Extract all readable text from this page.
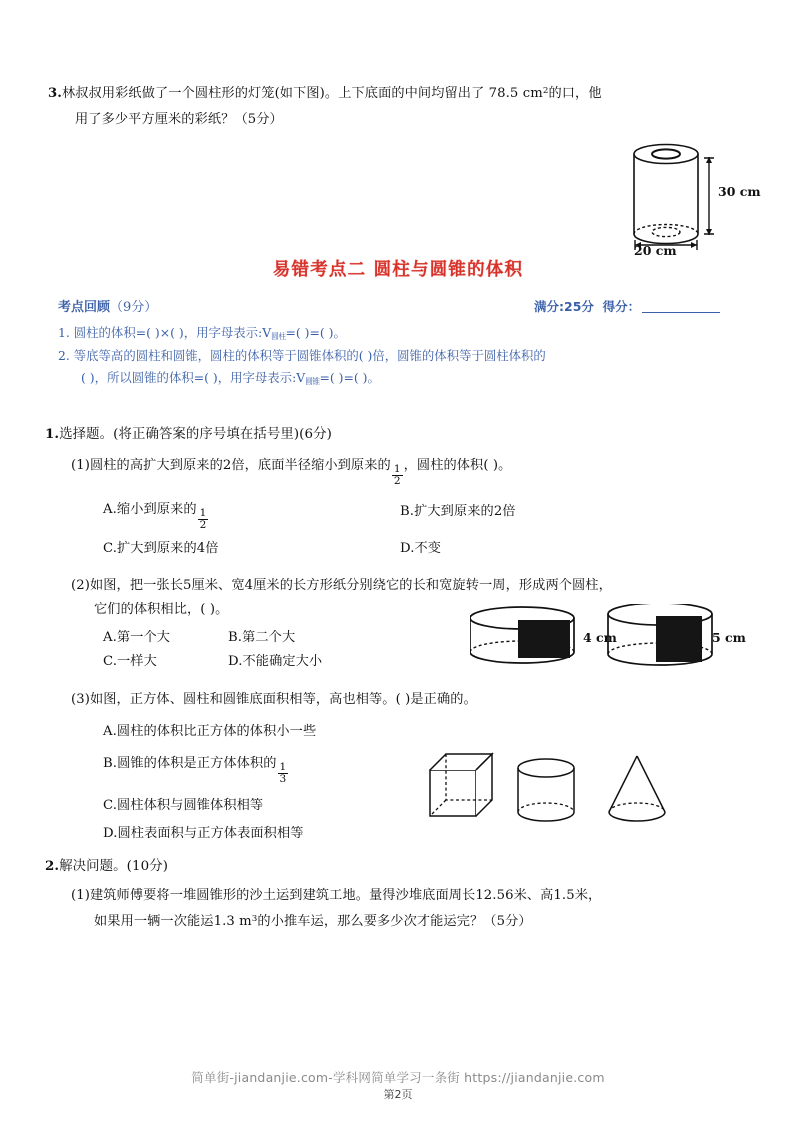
3.林叔叔用彩纸做了一个圆柱形的灯笼(如下图)。上下底面的中间均留出了 78.5 $cm^2$的口，他
用了多少平方厘米的彩纸？（5分）
30 cm
20 cm
易错考点二 圆柱与圆锥的体积
考点回顾（9分）	满分:25分 得分：
1. 圆柱的体积=( )×( )，用字母表示$:V_{圆柱}=$( )=( )。
2. 等底等高的圆柱和圆锥，圆柱的体积等于圆锥体积的( )倍，圆锥的体积等于圆柱体积的
( )，所以圆锥的体积=( )，用字母表示$:V_{圆锥}=$( )=( )。
1.选择题。(将正确答案的序号填在括号里)(6分)
(1)圆柱的高扩大到原来的2倍，底面半径缩小到原来的 $\frac{1}{2}$ ，圆柱的体积( )。
A.缩小到原来的 $\frac{1}{2}$	B.扩大到原来的2倍
C.扩大到原来的4倍	D.不变
(2)如图，把一张长5厘米、宽4厘米的长方形纸分别绕它的长和宽旋转一周，形成两个圆柱，
它们的体积相比，( )。
A.第一个大	B.第二个大
C.一样大	D.不能确定大小
(3)如图，正方体、圆柱和圆锥底面积相等，高也相等。( )是正确的。
A.圆柱的体积比正方体的体积小一些
B.圆锥的体积是正方体体积的 $\frac{1}{3}$
C.圆柱体积与圆锥体积相等
D.圆柱表面积与正方体表面积相等
4 cm	5 cm
2.解决问题。(10分)
(1)建筑师傅要将一堆圆锥形的沙土运到建筑工地。量得沙堆底面周长12.56米、高1.5米，
如果用一辆一次能运1.3 $m^3$的小推车运，那么要多少次才能运完？（5分）
简单街-jiandanjie.com-学科网简单学习一条街 https://jiandanjie.com
第2页
